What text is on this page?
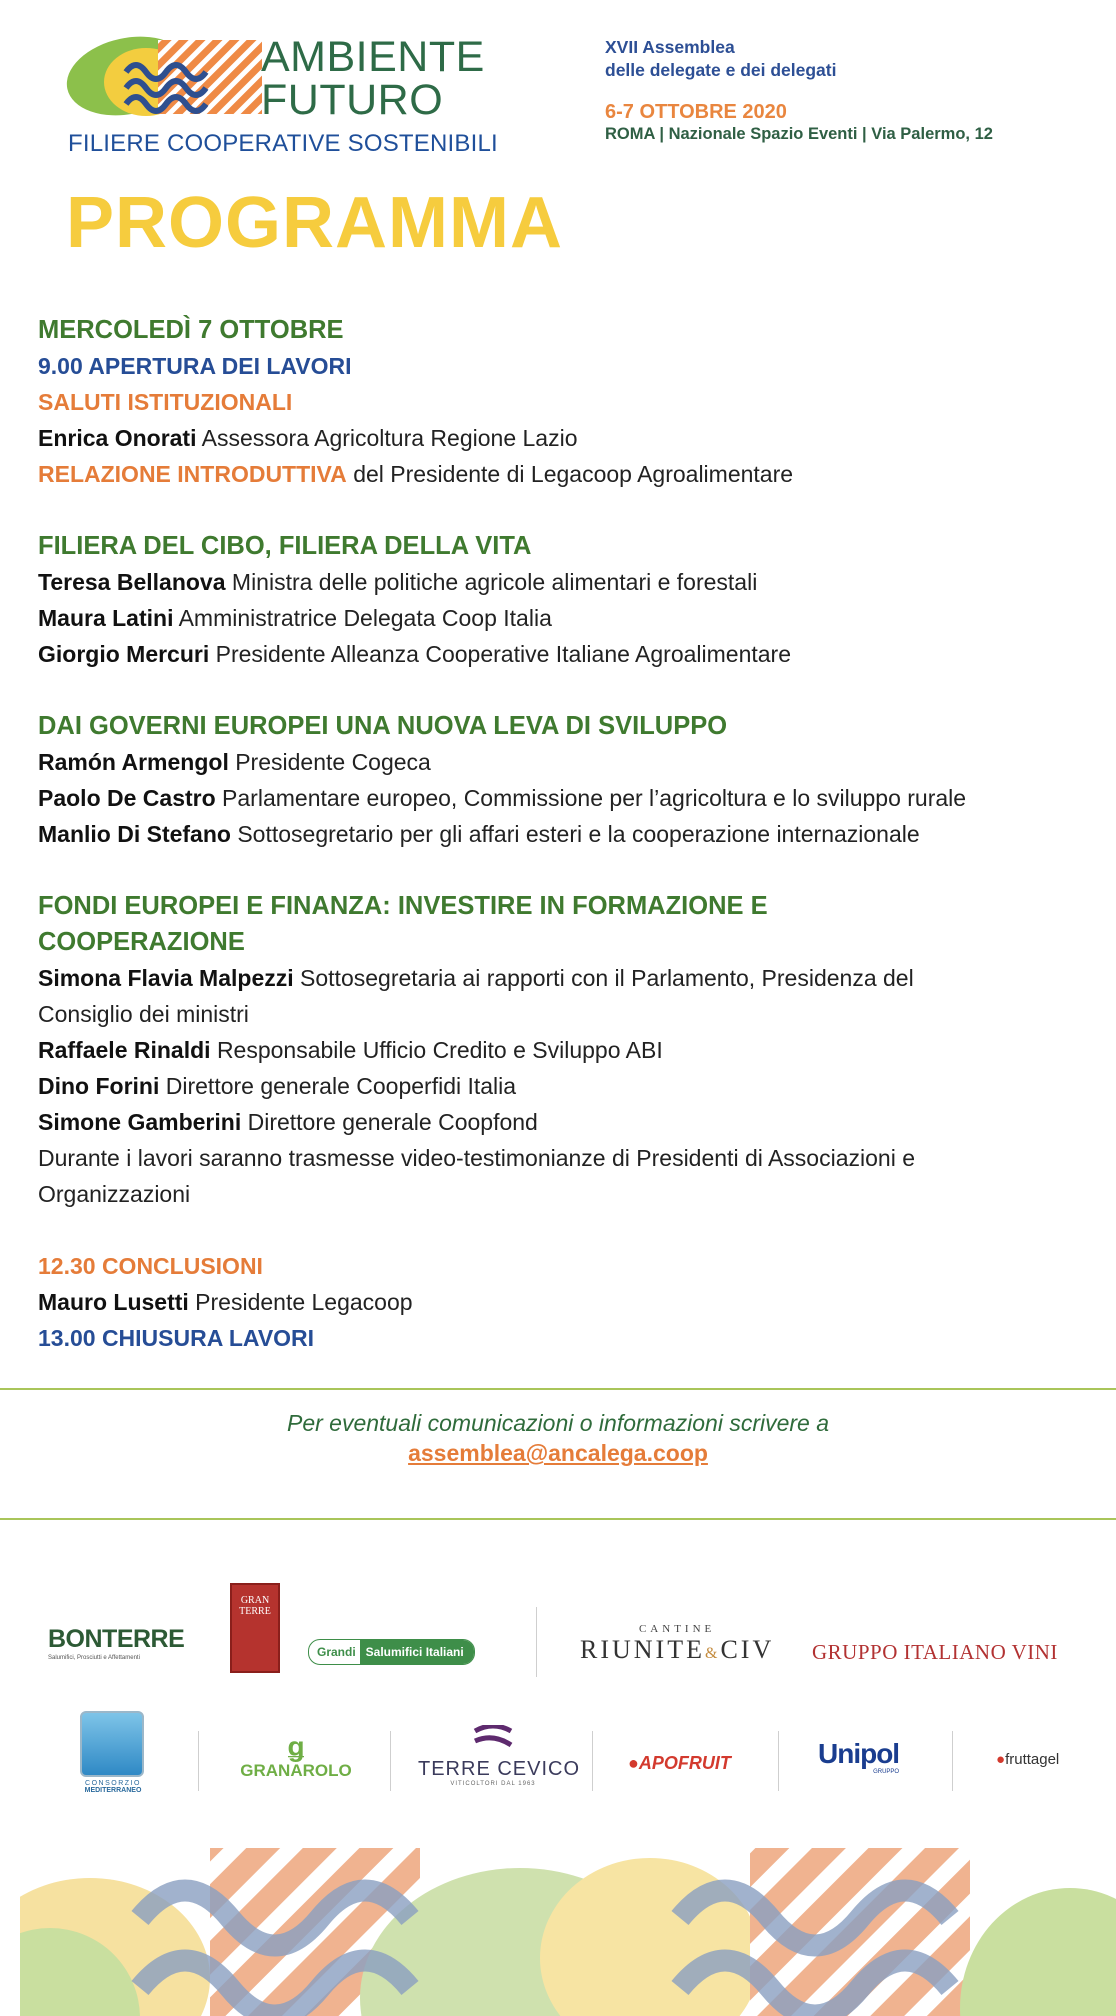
AMBIENTE
FUTURO
FILIERE COOPERATIVE SOSTENIBILI
PROGRAMMA
XVII Assemblea
delle delegate e dei delegati
6-7 OTTOBRE 2020
ROMA | Nazionale Spazio Eventi | Via Palermo, 12
MERCOLEDÌ 7 OTTOBRE
9.00 APERTURA DEI LAVORI
SALUTI ISTITUZIONALI
Enrica Onorati Assessora Agricoltura Regione Lazio
RELAZIONE INTRODUTTIVA del Presidente di Legacoop Agroalimentare
FILIERA DEL CIBO, FILIERA DELLA VITA
Teresa Bellanova Ministra delle politiche agricole alimentari e forestali
Maura Latini Amministratrice Delegata Coop Italia
Giorgio Mercuri Presidente Alleanza Cooperative Italiane Agroalimentare
DAI GOVERNI EUROPEI UNA NUOVA LEVA DI SVILUPPO
Ramón Armengol Presidente Cogeca
Paolo De Castro Parlamentare europeo, Commissione per l’agricoltura e lo sviluppo rurale
Manlio Di Stefano Sottosegretario per gli affari esteri e la cooperazione internazionale
FONDI EUROPEI E FINANZA: INVESTIRE IN FORMAZIONE E
COOPERAZIONE
Simona Flavia Malpezzi Sottosegretaria ai rapporti con il Parlamento, Presidenza del
Consiglio dei ministri
Raffaele Rinaldi Responsabile Ufficio Credito e Sviluppo ABI
Dino Forini Direttore generale Cooperfidi Italia
Simone Gamberini Direttore generale Coopfond
Durante i lavori saranno trasmesse video-testimonianze di Presidenti di Associazioni e
Organizzazioni
12.30 CONCLUSIONI
Mauro Lusetti Presidente Legacoop
13.00 CHIUSURA LAVORI
Per eventuali comunicazioni o informazioni scrivere a
assemblea@ancalega.coop
BONTERRE
Salumifici, Prosciutti e Affettamenti
GRAN TERRE
Grandi Salumifici Italiani
CANTINE
RIUNITE&CIV GRUPPO ITALIANO VINI
CONSORZIO
MEDITERRANEO
ǥ
GRANAROLO	TERRE CEVICO
VITICOLTORI DAL 1963
●APOFRUIT	Unipol
GRUPPO
●fruttagel
